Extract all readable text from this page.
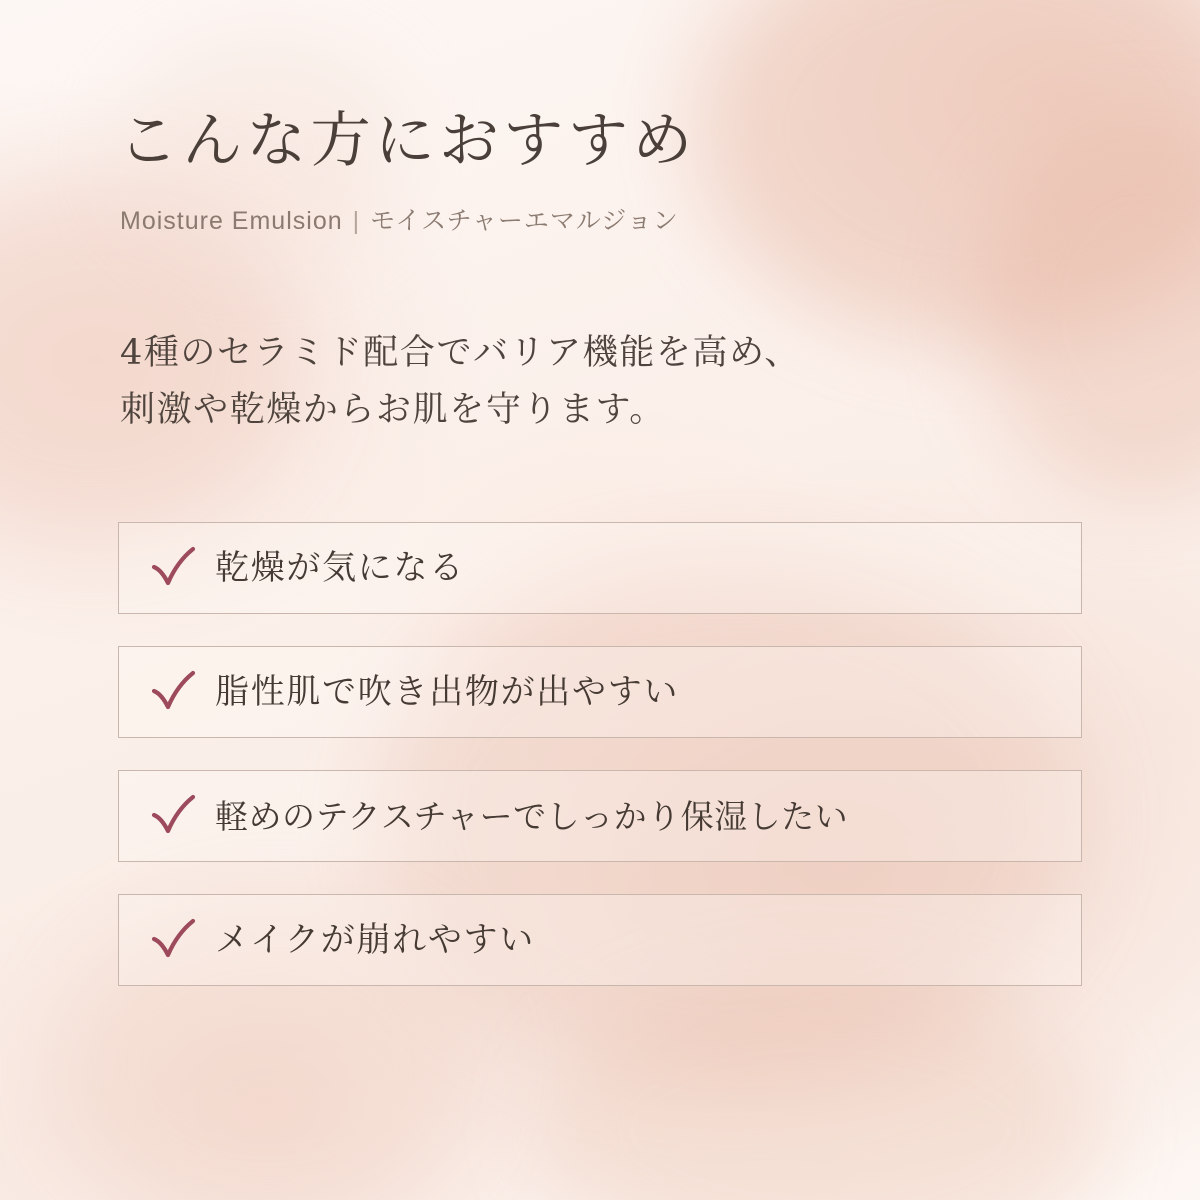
こんな方におすすめ
Moisture Emulsion | モイスチャーエマルジョン

4種のセラミド配合でバリア機能を高め、
刺激や乾燥からお肌を守ります。

乾燥が気になる
脂性肌で吹き出物が出やすい
軽めのテクスチャーでしっかり保湿したい
メイクが崩れやすい
